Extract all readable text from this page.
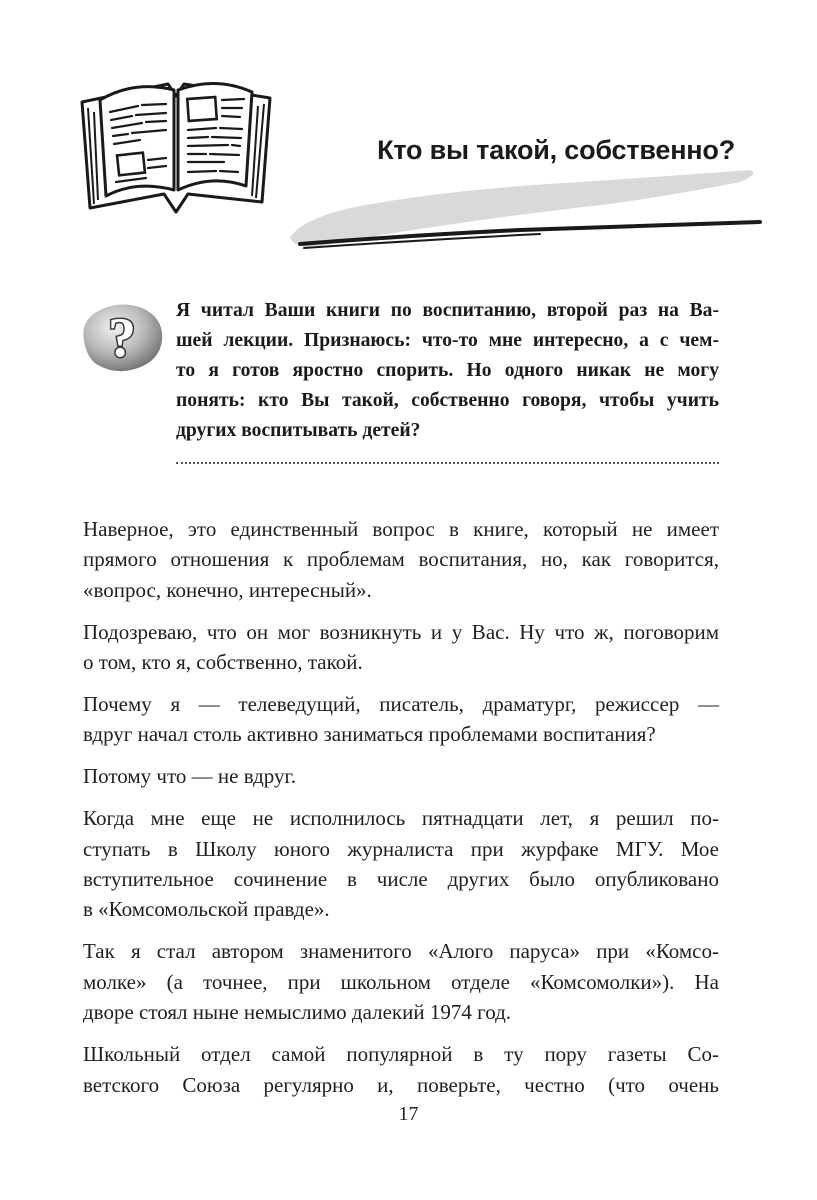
Кто вы такой, собственно?
? Я читал Ваши книги по воспитанию, второй раз на Ва-
шей лекции. Признаюсь: что-то мне интересно, а с чем-
то я готов яростно спорить. Но одного никак не могу
понять: кто Вы такой, собственно говоря, чтобы учить
других воспитывать детей?

Наверное, это единственный вопрос в книге, который не имеет
прямого отношения к проблемам воспитания, но, как говорится,
«вопрос, конечно, интересный».

Подозреваю, что он мог возникнуть и у Вас. Ну что ж, поговорим
о том, кто я, собственно, такой.

Почему я — телеведущий, писатель, драматург, режиссер —
вдруг начал столь активно заниматься проблемами воспитания?

Потому что — не вдруг.

Когда мне еще не исполнилось пятнадцати лет, я решил по-
ступать в Школу юного журналиста при журфаке МГУ. Мое
вступительное сочинение в числе других было опубликовано
в «Комсомольской правде».

Так я стал автором знаменитого «Алого паруса» при «Комсо-
молке» (а точнее, при школьном отделе «Комсомолки»). На
дворе стоял ныне немыслимо далекий 1974 год.

Школьный отдел самой популярной в ту пору газеты Со-
ветского Союза регулярно и, поверьте, честно (что очень

17
